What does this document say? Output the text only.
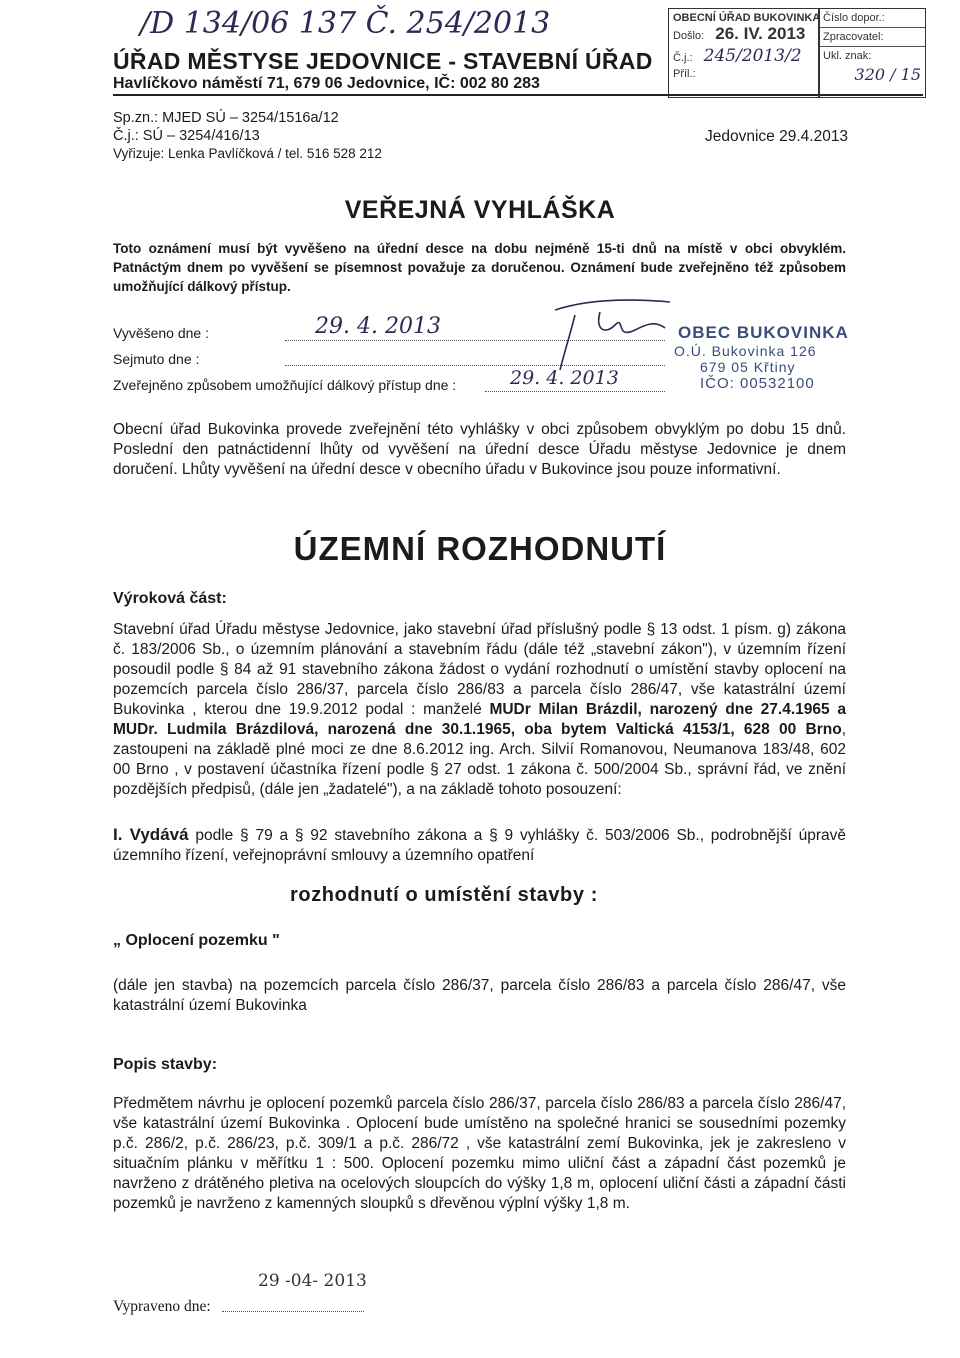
/D 134/06 137 Č. 254/2013
ÚŘAD MĚSTYSE JEDOVNICE - STAVEBNÍ ÚŘAD
Havlíčkovo náměstí 71, 679 06 Jedovnice, IČ: 002 80 283
OBECNÍ ÚŘAD BUKOVINKA
Došlo: 26. IV. 2013
Č.j.: 245/2013/2
Příl.:
Číslo dopor.:
Zpracovatel:
Ukl. znak:
320 / 15
Sp.zn.: MJED SÚ – 3254/1516a/12
Č.j.: SÚ – 3254/416/13
Vyřizuje: Lenka Pavlíčková / tel. 516 528 212
Jedovnice 29.4.2013
VEŘEJNÁ VYHLÁŠKA
Toto oznámení musí být vyvěšeno na úřední desce na dobu nejméně 15-ti dnů na místě v obci obvyklém. Patnáctým dnem po vyvěšení se písemnost považuje za doručenou. Oznámení bude zveřejněno též způsobem umožňující dálkový přístup.
Vyvěšeno dne :	29. 4. 2013
Sejmuto dne :
Zveřejněno způsobem umožňující dálkový přístup dne :	29. 4. 2013
OBEC BUKOVINKA
O.Ú. Bukovinka 126
679 05 Křtiny
IČO: 00532100
Obecní úřad Bukovinka provede zveřejnění této vyhlášky v obci způsobem obvyklým po dobu 15 dnů. Poslední den patnáctidenní lhůty od vyvěšení na úřední desce Úřadu městyse Jedovnice je dnem doručení. Lhůty vyvěšení na úřední desce v obecního úřadu v Bukovince jsou pouze informativní.
ÚZEMNÍ ROZHODNUTÍ
Výroková část:
Stavební úřad Úřadu městyse Jedovnice, jako stavební úřad příslušný podle § 13 odst. 1 písm. g) zákona č. 183/2006 Sb., o územním plánování a stavebním řádu (dále též „stavební zákon"), v územním řízení posoudil podle § 84 až 91 stavebního zákona žádost o vydání rozhodnutí o umístění stavby oplocení na pozemcích parcela číslo 286/37, parcela číslo 286/83 a parcela číslo 286/47, vše katastrální území Bukovinka , kterou dne 19.9.2012 podal : manželé MUDr Milan Brázdil, narozený dne 27.4.1965 a MUDr. Ludmila Brázdilová, narozená dne 30.1.1965, oba bytem Valtická 4153/1, 628 00 Brno, zastoupeni na základě plné moci ze dne 8.6.2012 ing. Arch. Silvií Romanovou, Neumanova 183/48, 602 00 Brno , v postavení účastníka řízení podle § 27 odst. 1 zákona č. 500/2004 Sb., správní řád, ve znění pozdějších předpisů, (dále jen „žadatelé"), a na základě tohoto posouzení:
I. Vydává podle § 79 a § 92 stavebního zákona a § 9 vyhlášky č. 503/2006 Sb., podrobnější úpravě územního řízení, veřejnoprávní smlouvy a územního opatření
rozhodnutí o umístění stavby :
„ Oplocení pozemku "
(dále jen stavba) na pozemcích parcela číslo 286/37, parcela číslo 286/83 a parcela číslo 286/47, vše katastrální území Bukovinka
Popis stavby:
Předmětem návrhu je oplocení pozemků parcela číslo 286/37, parcela číslo 286/83 a parcela číslo 286/47, vše katastrální území Bukovinka . Oplocení bude umístěno na společné hranici se sousedními pozemky p.č. 286/2, p.č. 286/23, p.č. 309/1 a p.č. 286/72 , vše katastrální zemí Bukovinka, jek je zakresleno v situačním plánku v měřítku 1 : 500. Oplocení pozemku mimo uliční část a západní část pozemků je navrženo z drátěného pletiva na ocelových sloupcích do výšky 1,8 m, oplocení uliční části a západní části pozemků je navrženo z kamenných sloupků s dřevěnou výplní výšky 1,8 m.
29 -04- 2013
Vypraveno dne:
